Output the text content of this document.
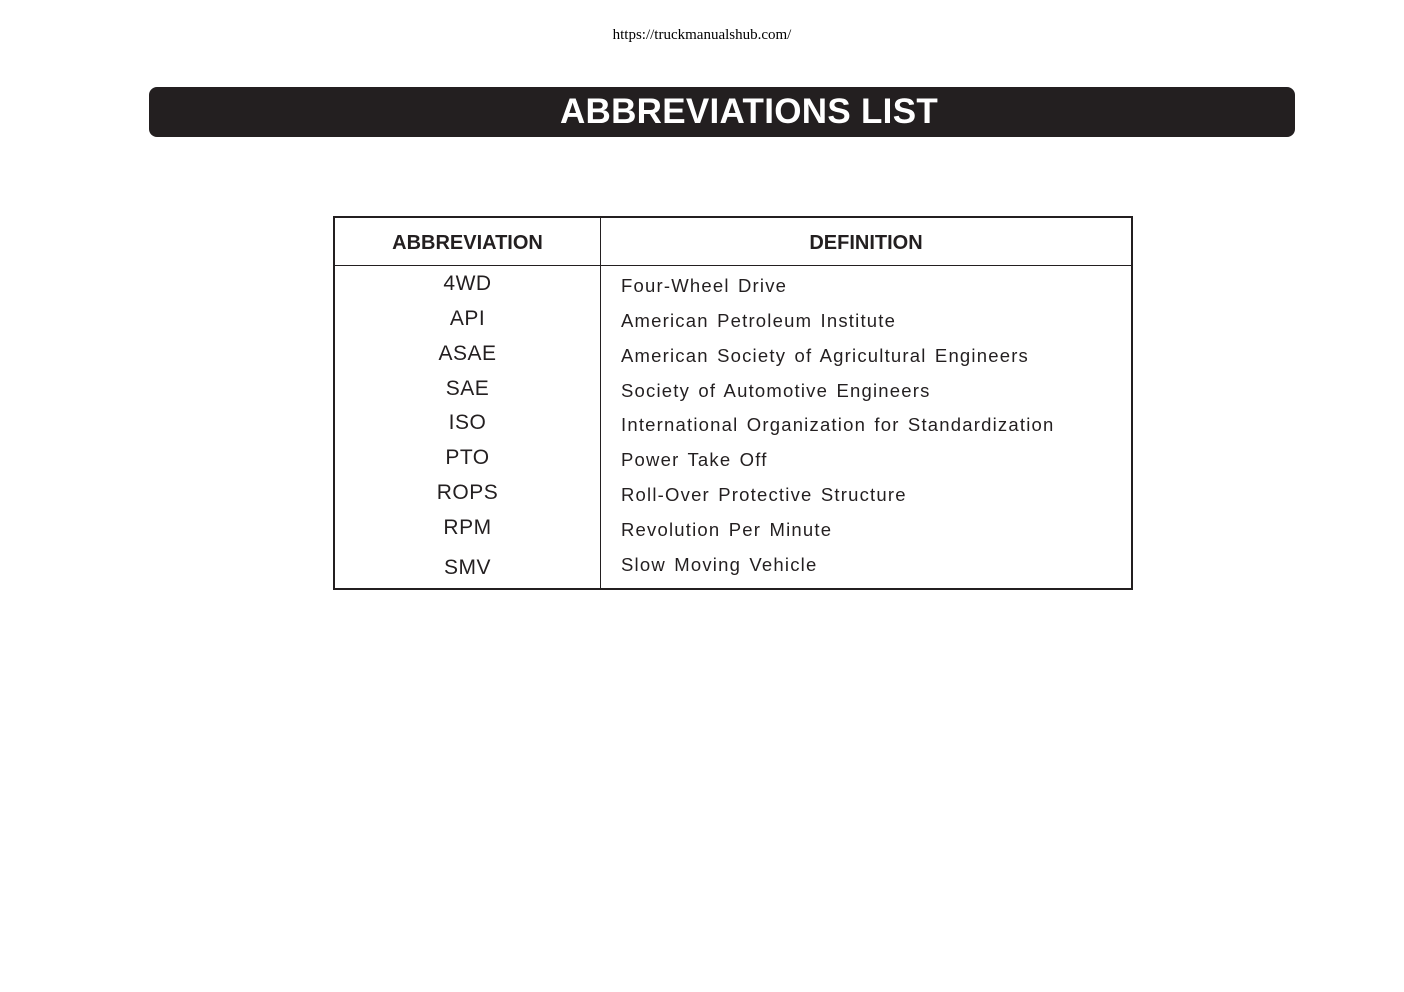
https://truckmanualshub.com/
ABBREVIATIONS LIST
ABBREVIATION	DEFINITION
4WD	Four-Wheel Drive
API	American Petroleum Institute
ASAE	American Society of Agricultural Engineers
SAE	Society of Automotive Engineers
ISO	International Organization for Standardization
PTO	Power Take Off
ROPS	Roll-Over Protective Structure
RPM	Revolution Per Minute
SMV	Slow Moving Vehicle
